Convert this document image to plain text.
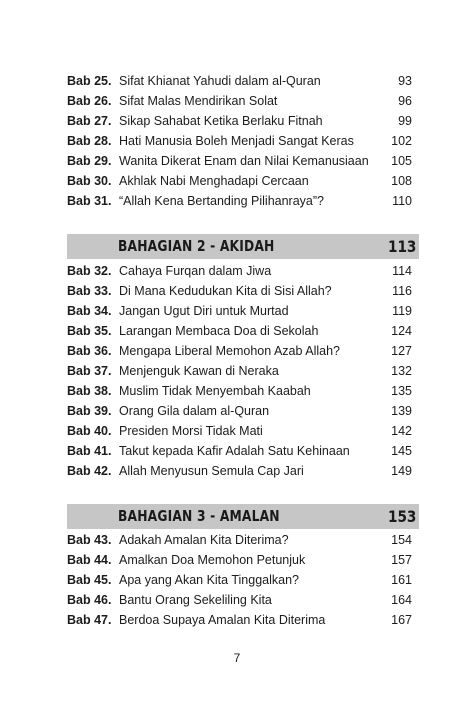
Bab 25. Sifat Khianat Yahudi dalam al-Quran	93
Bab 26. Sifat Malas Mendirikan Solat	96
Bab 27. Sikap Sahabat Ketika Berlaku Fitnah	99
Bab 28. Hati Manusia Boleh Menjadi Sangat Keras	102
Bab 29. Wanita Dikerat Enam dan Nilai Kemanusiaan 105
Bab 30. Akhlak Nabi Menghadapi Cercaan	108
Bab 31. “Allah Kena Bertanding Pilihanraya”?	110
BAHAGIAN 2 - AKIDAH	113
Bab 32. Cahaya Furqan dalam Jiwa	114
Bab 33. Di Mana Kedudukan Kita di Sisi Allah?	116
Bab 34. Jangan Ugut Diri untuk Murtad	119
Bab 35. Larangan Membaca Doa di Sekolah	124
Bab 36. Mengapa Liberal Memohon Azab Allah?	127
Bab 37. Menjenguk Kawan di Neraka	132
Bab 38. Muslim Tidak Menyembah Kaabah	135
Bab 39. Orang Gila dalam al-Quran	139
Bab 40. Presiden Morsi Tidak Mati	142
Bab 41. Takut kepada Kafir Adalah Satu Kehinaan	145
Bab 42. Allah Menyusun Semula Cap Jari	149
BAHAGIAN 3 - AMALAN	153
Bab 43. Adakah Amalan Kita Diterima?	154
Bab 44. Amalkan Doa Memohon Petunjuk	157
Bab 45. Apa yang Akan Kita Tinggalkan?	161
Bab 46. Bantu Orang Sekeliling Kita	164
Bab 47. Berdoa Supaya Amalan Kita Diterima	167
7
